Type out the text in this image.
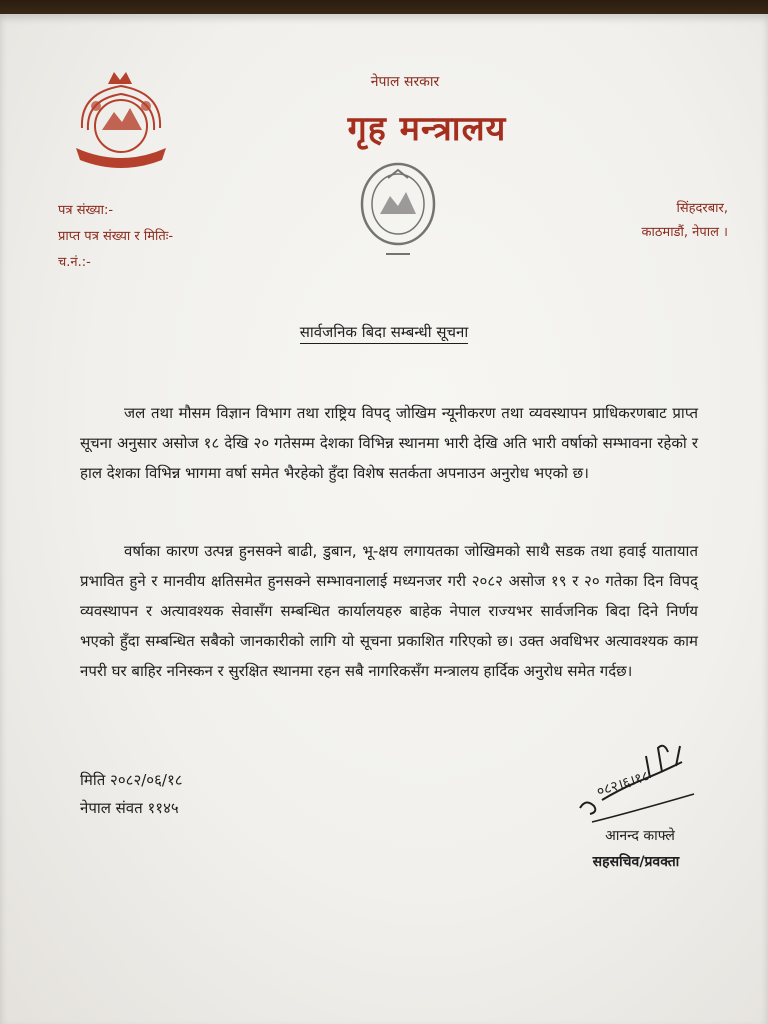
नेपाल सरकार
गृह मन्त्रालय
पत्र संख्या:-
प्राप्त पत्र संख्या र मितिः-
च.नं.:-
सिंहदरबार,
काठमाडौं, नेपाल ।
सार्वजनिक बिदा सम्बन्धी सूचना
जल तथा मौसम विज्ञान विभाग तथा राष्ट्रिय विपद् जोखिम न्यूनीकरण तथा व्यवस्थापन प्राधिकरणबाट प्राप्त सूचना अनुसार असोज १८ देखि २० गतेसम्म देशका विभिन्न स्थानमा भारी देखि अति भारी वर्षाको सम्भावना रहेको र हाल देशका विभिन्न भागमा वर्षा समेत भैरहेको हुँदा विशेष सतर्कता अपनाउन अनुरोध भएको छ।
वर्षाका कारण उत्पन्न हुनसक्ने बाढी, डुबान, भू-क्षय लगायतका जोखिमको साथै सडक तथा हवाई यातायात प्रभावित हुने र मानवीय क्षतिसमेत हुनसक्ने सम्भावनालाई मध्यनजर गरी २०८२ असोज १९ र २० गतेका दिन विपद् व्यवस्थापन र अत्यावश्यक सेवासँग सम्बन्धित कार्यालयहरु बाहेक नेपाल राज्यभर सार्वजनिक बिदा दिने निर्णय भएको हुँदा सम्बन्धित सबैको जानकारीको लागि यो सूचना प्रकाशित गरिएको छ। उक्त अवधिभर अत्यावश्यक काम नपरी घर बाहिर ननिस्कन र सुरक्षित स्थानमा रहन सबै नागरिकसँग मन्त्रालय हार्दिक अनुरोध समेत गर्दछ।
मिति २०८२/०६/१८
नेपाल संवत ११४५
०८२।६।१८
आनन्द काफ्ले
सहसचिव/प्रवक्ता
